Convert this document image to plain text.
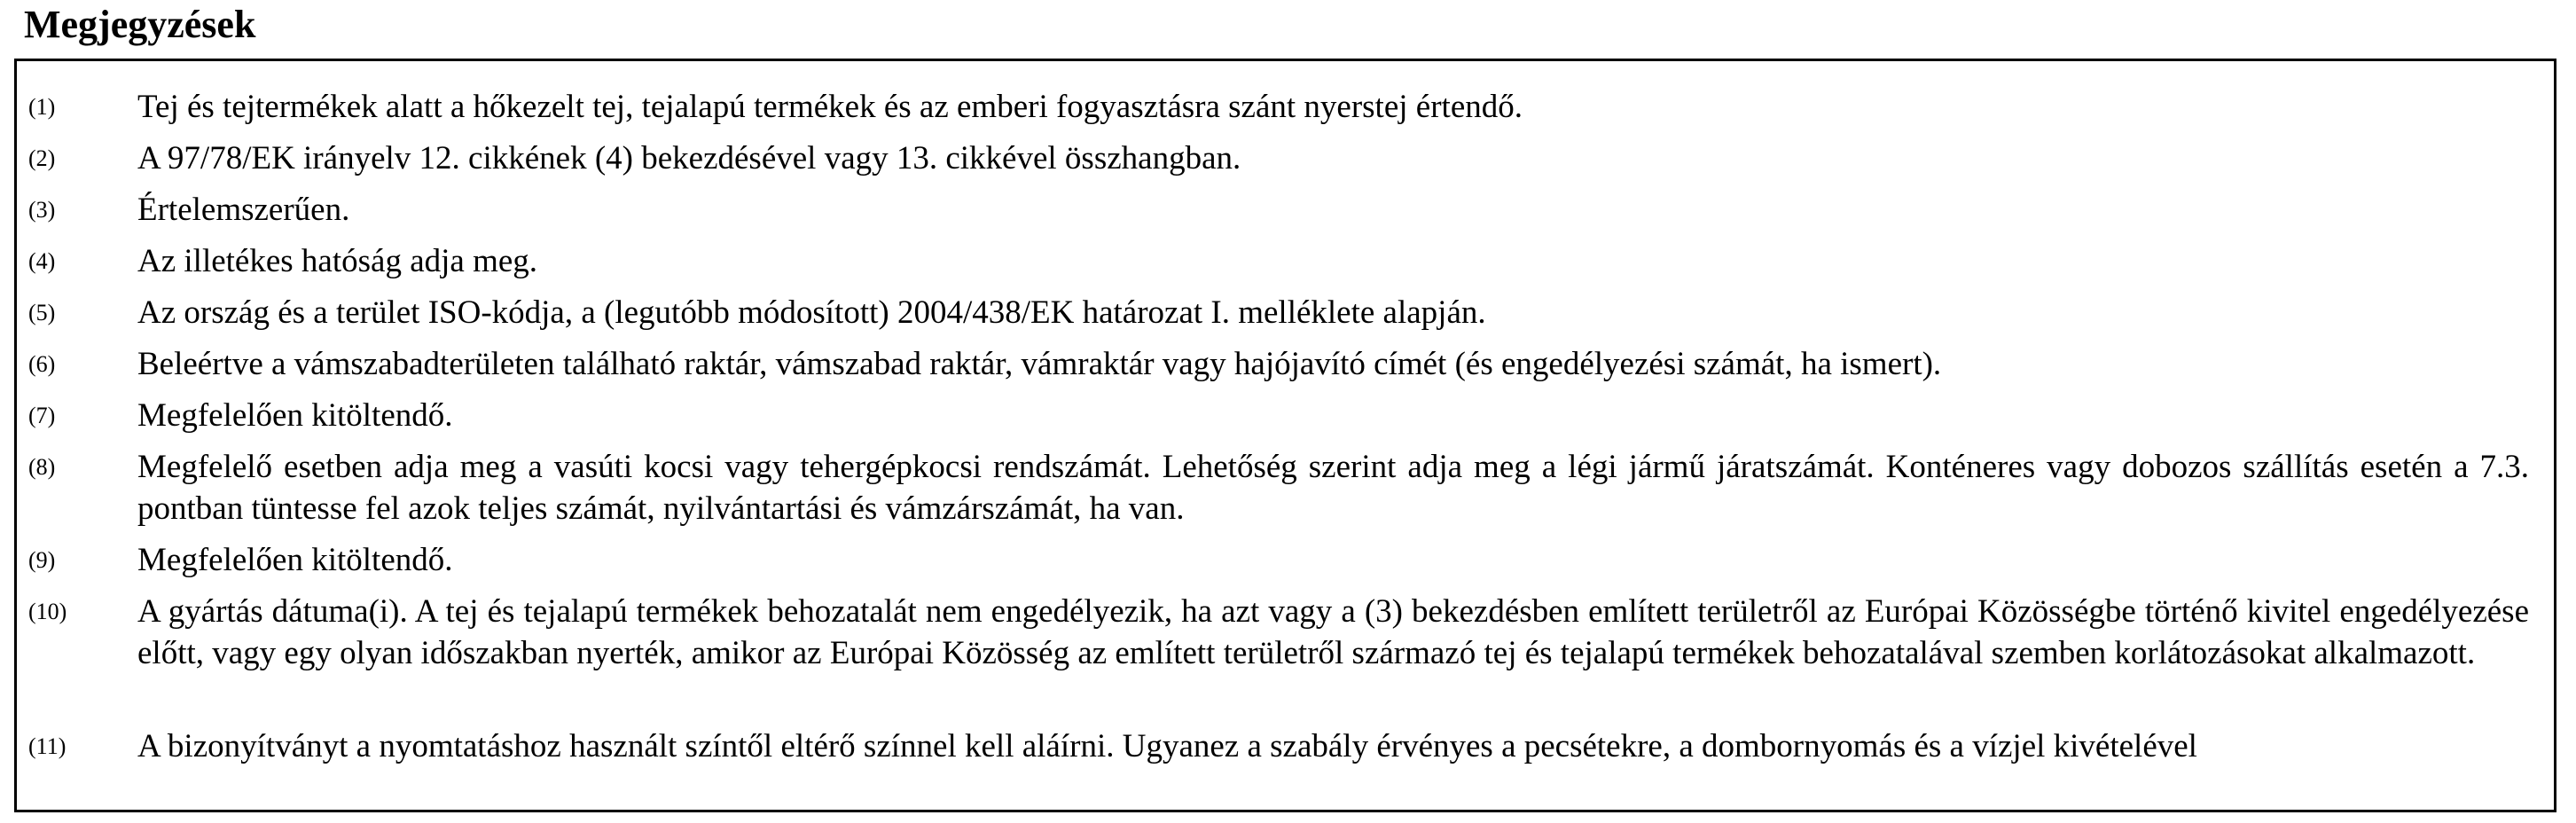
Megjegyzések
(1)	Tej és tejtermékek alatt a hőkezelt tej, tejalapú termékek és az emberi fogyasztásra szánt nyerstej értendő.
(2)	A 97/78/EK irányelv 12. cikkének (4) bekezdésével vagy 13. cikkével összhangban.
(3)	Értelemszerűen.
(4)	Az illetékes hatóság adja meg.
(5)	Az ország és a terület ISO-kódja, a (legutóbb módosított) 2004/438/EK határozat I. melléklete alapján.
(6)	Beleértve a vámszabadterületen található raktár, vámszabad raktár, vámraktár vagy hajójavító címét (és engedélyezési számát, ha ismert).
(7)	Megfelelően kitöltendő.
(8)	Megfelelő esetben adja meg a vasúti kocsi vagy tehergépkocsi rendszámát. Lehetőség szerint adja meg a légi jármű járatszámát. Konténeres vagy dobozos szállítás esetén a 7.3. pontban tüntesse fel azok teljes számát, nyilvántartási és vámzárszámát, ha van.
(9)	Megfelelően kitöltendő.
(10) A gyártás dátuma(i). A tej és tejalapú termékek behozatalát nem engedélyezik, ha azt vagy a (3) bekezdésben említett területről az Európai Közösségbe történő kivitel engedélyezése előtt, vagy egy olyan időszakban nyerték, amikor az Európai Közösség az említett területről származó tej és tejalapú termékek behozatalával szemben korlátozásokat alkalmazott.
(11) A bizonyítványt a nyomtatáshoz használt színtől eltérő színnel kell aláírni. Ugyanez a szabály érvényes a pecsétekre, a dombornyomás és a vízjel kivételével
